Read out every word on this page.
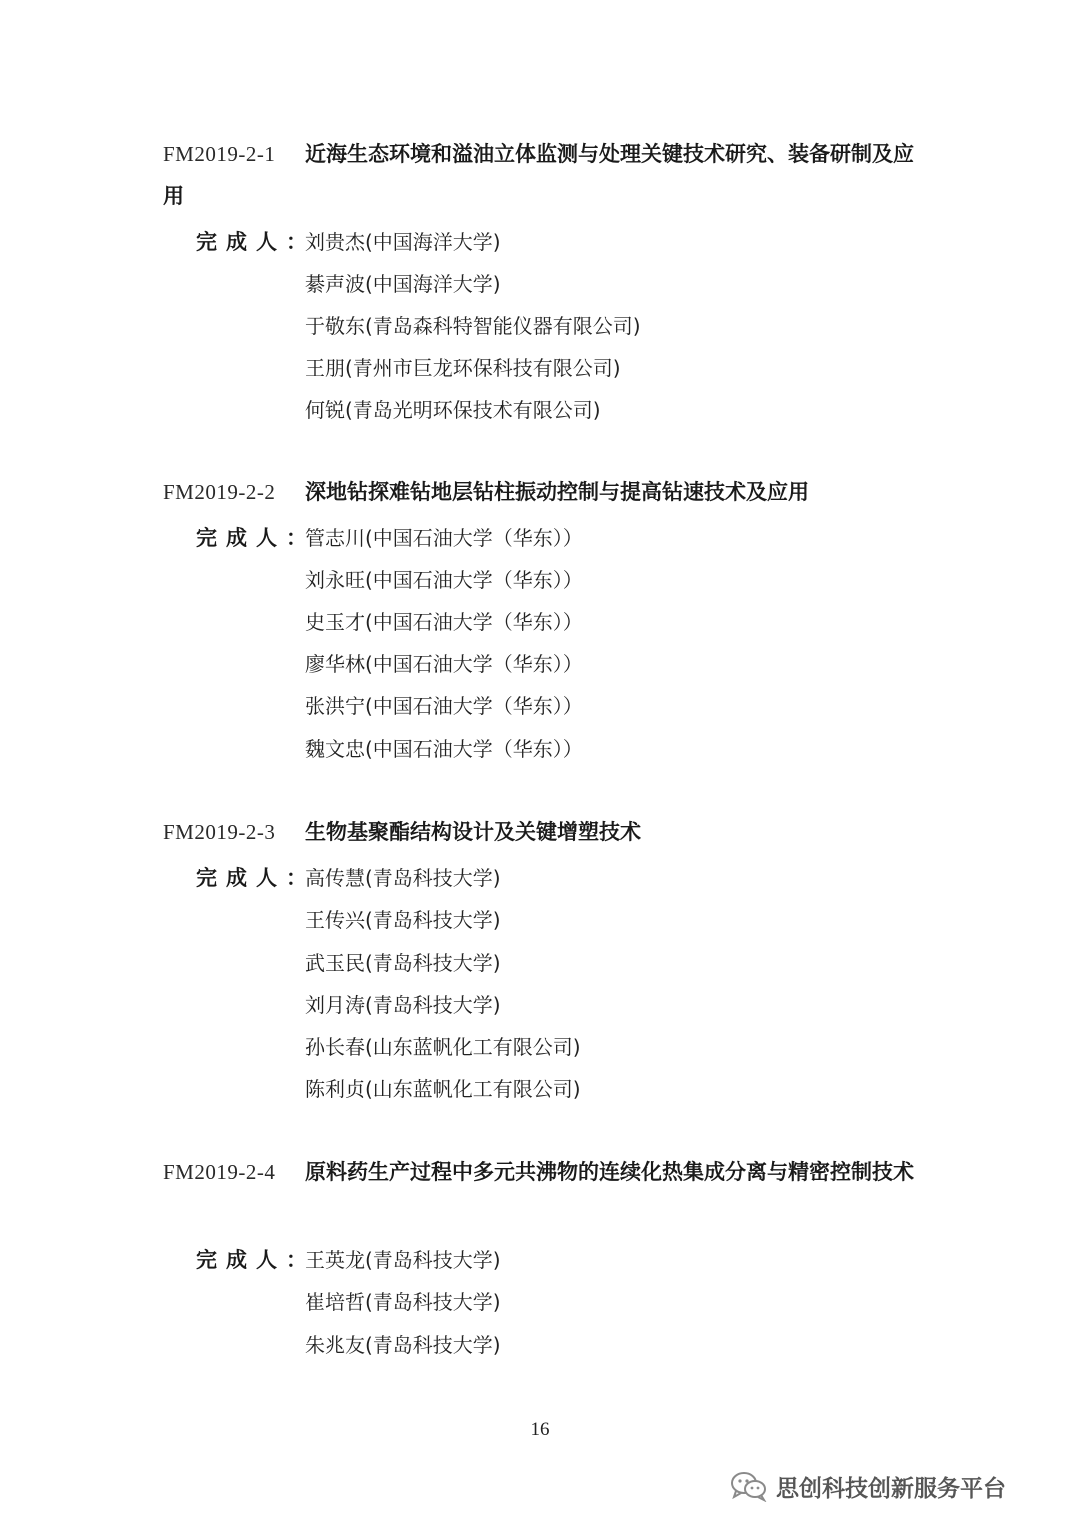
FM2019-2-1	近海生态环境和溢油立体监测与处理关键技术研究、装备研制及应用
完成人：
刘贵杰(中国海洋大学)
綦声波(中国海洋大学)
于敬东(青岛森科特智能仪器有限公司)
王朋(青州市巨龙环保科技有限公司)
何锐(青岛光明环保技术有限公司)
FM2019-2-2	深地钻探难钻地层钻柱振动控制与提高钻速技术及应用
完成人：
管志川(中国石油大学（华东））
刘永旺(中国石油大学（华东））
史玉才(中国石油大学（华东））
廖华林(中国石油大学（华东））
张洪宁(中国石油大学（华东））
魏文忠(中国石油大学（华东））
FM2019-2-3	生物基聚酯结构设计及关键增塑技术
完成人：
高传慧(青岛科技大学)
王传兴(青岛科技大学)
武玉民(青岛科技大学)
刘月涛(青岛科技大学)
孙长春(山东蓝帆化工有限公司)
陈利贞(山东蓝帆化工有限公司)
FM2019-2-4	原料药生产过程中多元共沸物的连续化热集成分离与精密控制技术
完成人：
王英龙(青岛科技大学)
崔培哲(青岛科技大学)
朱兆友(青岛科技大学)
16
思创科技创新服务平台
